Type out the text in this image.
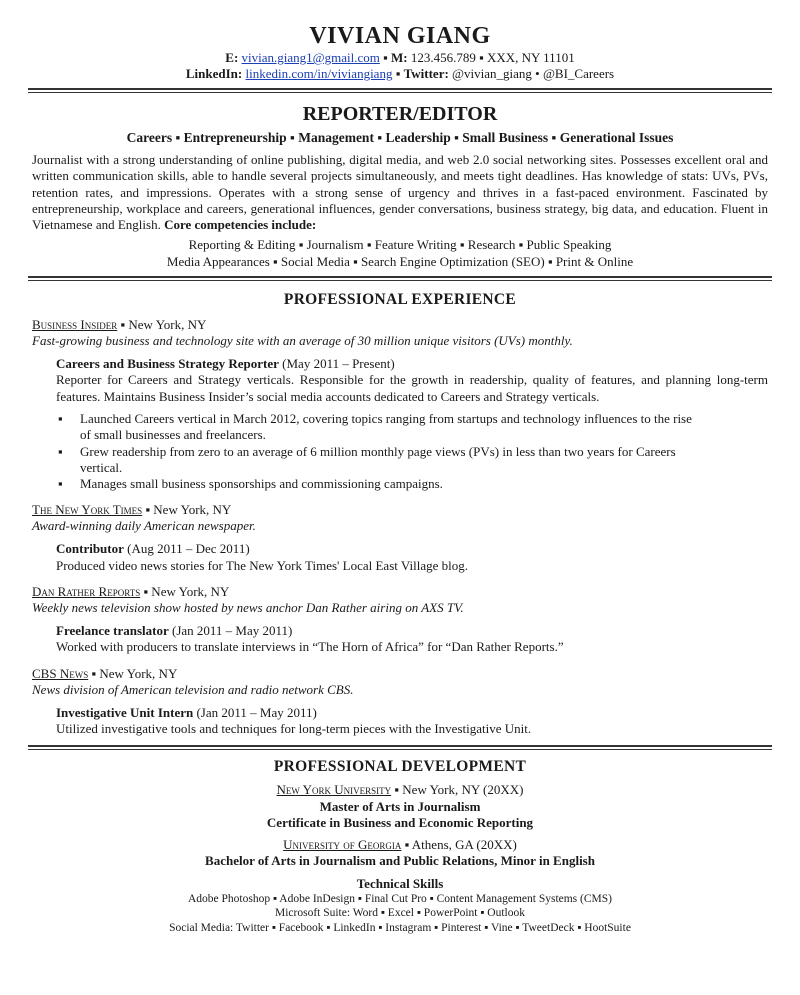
VIVIAN GIANG
E: vivian.giang1@gmail.com ▪ M: 123.456.789 ▪ XXX, NY 11101
LinkedIn: linkedin.com/in/viviangiang ▪ Twitter: @vivian_giang • @BI_Careers
REPORTER/EDITOR
Careers ▪ Entrepreneurship ▪ Management ▪ Leadership ▪ Small Business ▪ Generational Issues
Journalist with a strong understanding of online publishing, digital media, and web 2.0 social networking sites. Possesses excellent oral and written communication skills, able to handle several projects simultaneously, and meets tight deadlines. Has knowledge of stats: UVs, PVs, retention rates, and impressions. Operates with a strong sense of urgency and thrives in a fast-paced environment. Fascinated by entrepreneurship, workplace and careers, generational influences, gender conversations, business strategy, big data, and education. Fluent in Vietnamese and English. Core competencies include:
Reporting & Editing ▪ Journalism ▪ Feature Writing ▪ Research ▪ Public Speaking
Media Appearances ▪ Social Media ▪ Search Engine Optimization (SEO) ▪ Print & Online
PROFESSIONAL EXPERIENCE
Business Insider ▪ New York, NY
Fast-growing business and technology site with an average of 30 million unique visitors (UVs) monthly.
Careers and Business Strategy Reporter (May 2011 – Present)
Reporter for Careers and Strategy verticals. Responsible for the growth in readership, quality of features, and planning long-term features. Maintains Business Insider’s social media accounts dedicated to Careers and Strategy verticals.
▪ Launched Careers vertical in March 2012, covering topics ranging from startups and technology influences to the rise of small businesses and freelancers.
▪ Grew readership from zero to an average of 6 million monthly page views (PVs) in less than two years for Careers vertical.
▪ Manages small business sponsorships and commissioning campaigns.
The New York Times ▪ New York, NY
Award-winning daily American newspaper.
Contributor (Aug 2011 – Dec 2011)
Produced video news stories for The New York Times' Local East Village blog.
Dan Rather Reports ▪ New York, NY
Weekly news television show hosted by news anchor Dan Rather airing on AXS TV.
Freelance translator (Jan 2011 – May 2011)
Worked with producers to translate interviews in “The Horn of Africa” for “Dan Rather Reports.”
CBS News ▪ New York, NY
News division of American television and radio network CBS.
Investigative Unit Intern (Jan 2011 – May 2011)
Utilized investigative tools and techniques for long-term pieces with the Investigative Unit.
PROFESSIONAL DEVELOPMENT
New York University ▪ New York, NY (20XX)
Master of Arts in Journalism
Certificate in Business and Economic Reporting
University of Georgia ▪ Athens, GA (20XX)
Bachelor of Arts in Journalism and Public Relations, Minor in English
Technical Skills
Adobe Photoshop ▪ Adobe InDesign ▪ Final Cut Pro ▪ Content Management Systems (CMS)
Microsoft Suite: Word ▪ Excel ▪ PowerPoint ▪ Outlook
Social Media: Twitter ▪ Facebook ▪ LinkedIn ▪ Instagram ▪ Pinterest ▪ Vine ▪ TweetDeck ▪ HootSuite
